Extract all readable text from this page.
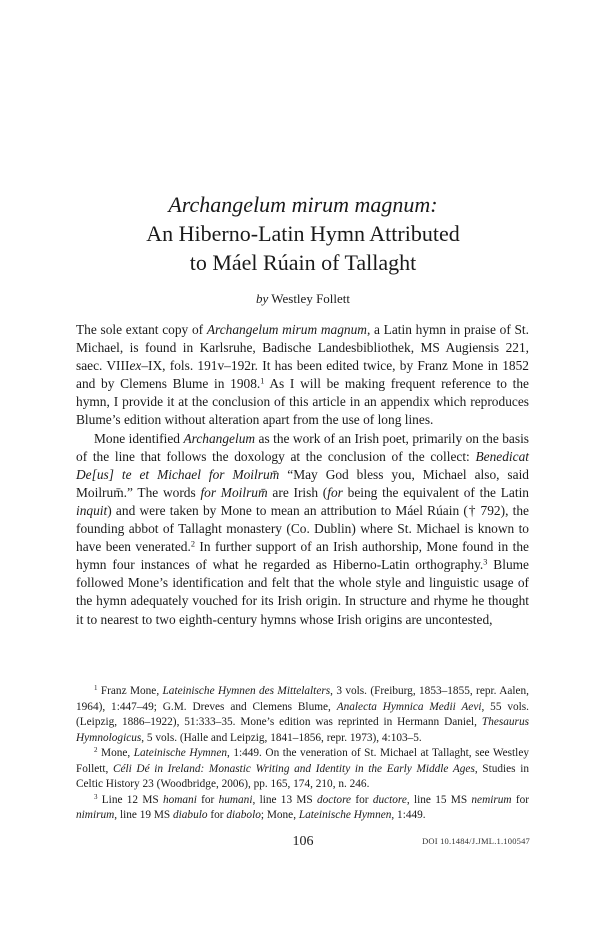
Archangelum mirum magnum:
An Hiberno-Latin Hymn Attributed
to Máel Rúain of Tallaght
by Westley Follett

The sole extant copy of Archangelum mirum magnum, a Latin hymn in praise of St. Michael, is found in Karlsruhe, Badische Landesbibliothek, MS Augiensis 221, saec. VIIIex–IX, fols. 191v–192r. It has been edited twice, by Franz Mone in 1852 and by Clemens Blume in 1908.$^1$ As I will be making frequent reference to the hymn, I provide it at the conclusion of this article in an appendix which reproduces Blume’s edition without alteration apart from the use of long lines.

Mone identified Archangelum as the work of an Irish poet, primarily on the basis of the line that follows the doxology at the conclusion of the collect: Benedicat De[us] te et Michael for Moilrum̄ “May God bless you, Michael also, said Moilrum̄.” The words for Moilrum̄ are Irish (for being the equivalent of the Latin inquit) and were taken by Mone to mean an attribution to Máel Rúain († 792), the founding abbot of Tallaght monastery (Co. Dublin) where St. Michael is known to have been venerated.$^2$ In further support of an Irish authorship, Mone found in the hymn four instances of what he regarded as Hiberno-Latin orthography.$^3$ Blume followed Mone’s identification and felt that the whole style and linguistic usage of the hymn adequately vouched for its Irish origin. In structure and rhyme he thought it to nearest to two eighth-century hymns whose Irish origins are uncontested,

$^1$ Franz Mone, Lateinische Hymnen des Mittelalters, 3 vols. (Freiburg, 1853–1855, repr. Aalen, 1964), 1:447–49; G.M. Dreves and Clemens Blume, Analecta Hymnica Medii Aevi, 55 vols. (Leipzig, 1886–1922), 51:333–35. Mone’s edition was reprinted in Hermann Daniel, Thesaurus Hymnologicus, 5 vols. (Halle and Leipzig, 1841–1856, repr. 1973), 4:103–5.

$^2$ Mone, Lateinische Hymnen, 1:449. On the veneration of St. Michael at Tallaght, see Westley Follett, Céli Dé in Ireland: Monastic Writing and Identity in the Early Middle Ages, Studies in Celtic History 23 (Woodbridge, 2006), pp. 165, 174, 210, n. 246.

$^3$ Line 12 MS homani for humani, line 13 MS doctore for ductore, line 15 MS nemirum for nimirum, line 19 MS diabulo for diabolo; Mone, Lateinische Hymnen, 1:449.

106	DOI 10.1484/J.JML.1.100547
